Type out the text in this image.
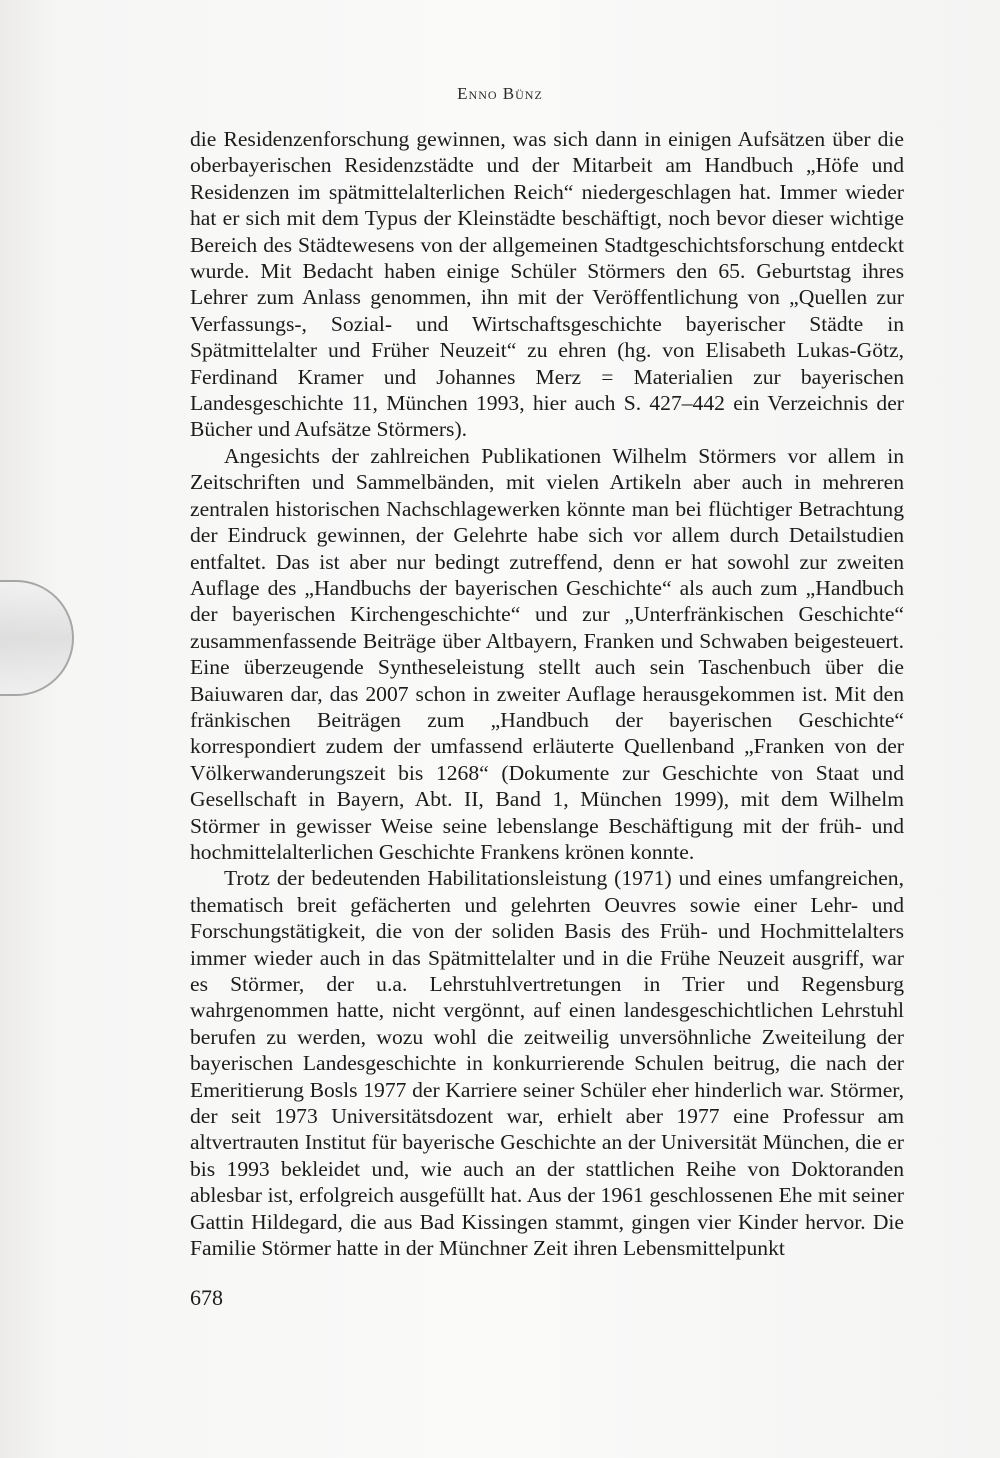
Enno Bünz

die Residenzenforschung gewinnen, was sich dann in einigen Aufsätzen über die oberbayerischen Residenzstädte und der Mitarbeit am Handbuch „Höfe und Residenzen im spätmittelalterlichen Reich“ niedergeschlagen hat. Immer wieder hat er sich mit dem Typus der Kleinstädte beschäftigt, noch bevor dieser wichtige Bereich des Städtewesens von der allgemeinen Stadtgeschichtsforschung entdeckt wurde. Mit Bedacht haben einige Schüler Störmers den 65. Geburtstag ihres Lehrer zum Anlass genommen, ihn mit der Veröffentlichung von „Quellen zur Verfassungs-, Sozial- und Wirtschaftsgeschichte bayerischer Städte in Spätmittelalter und Früher Neuzeit“ zu ehren (hg. von Elisabeth Lukas-Götz, Ferdinand Kramer und Johannes Merz = Materialien zur bayerischen Landesgeschichte 11, München 1993, hier auch S. 427–442 ein Verzeichnis der Bücher und Aufsätze Störmers).

Angesichts der zahlreichen Publikationen Wilhelm Störmers vor allem in Zeitschriften und Sammelbänden, mit vielen Artikeln aber auch in mehreren zentralen historischen Nachschlagewerken könnte man bei flüchtiger Betrachtung der Eindruck gewinnen, der Gelehrte habe sich vor allem durch Detailstudien entfaltet. Das ist aber nur bedingt zutreffend, denn er hat sowohl zur zweiten Auflage des „Handbuchs der bayerischen Geschichte“ als auch zum „Handbuch der bayerischen Kirchengeschichte“ und zur „Unterfränkischen Geschichte“ zusammenfassende Beiträge über Altbayern, Franken und Schwaben beigesteuert. Eine überzeugende Syntheseleistung stellt auch sein Taschenbuch über die Baiuwaren dar, das 2007 schon in zweiter Auflage herausgekommen ist. Mit den fränkischen Beiträgen zum „Handbuch der bayerischen Geschichte“ korrespondiert zudem der umfassend erläuterte Quellenband „Franken von der Völkerwanderungszeit bis 1268“ (Dokumente zur Geschichte von Staat und Gesellschaft in Bayern, Abt. II, Band 1, München 1999), mit dem Wilhelm Störmer in gewisser Weise seine lebenslange Beschäftigung mit der früh- und hochmittelalterlichen Geschichte Frankens krönen konnte.

Trotz der bedeutenden Habilitationsleistung (1971) und eines umfangreichen, thematisch breit gefächerten und gelehrten Oeuvres sowie einer Lehr- und Forschungstätigkeit, die von der soliden Basis des Früh- und Hochmittelalters immer wieder auch in das Spätmittelalter und in die Frühe Neuzeit ausgriff, war es Störmer, der u.a. Lehrstuhlvertretungen in Trier und Regensburg wahrgenommen hatte, nicht vergönnt, auf einen landesgeschichtlichen Lehrstuhl berufen zu werden, wozu wohl die zeitweilig unversöhnliche Zweiteilung der bayerischen Landesgeschichte in konkurrierende Schulen beitrug, die nach der Emeritierung Bosls 1977 der Karriere seiner Schüler eher hinderlich war. Störmer, der seit 1973 Universitätsdozent war, erhielt aber 1977 eine Professur am altvertrauten Institut für bayerische Geschichte an der Universität München, die er bis 1993 bekleidet und, wie auch an der stattlichen Reihe von Doktoranden ablesbar ist, erfolgreich ausgefüllt hat. Aus der 1961 geschlossenen Ehe mit seiner Gattin Hildegard, die aus Bad Kissingen stammt, gingen vier Kinder hervor. Die Familie Störmer hatte in der Münchner Zeit ihren Lebensmittelpunkt

678
